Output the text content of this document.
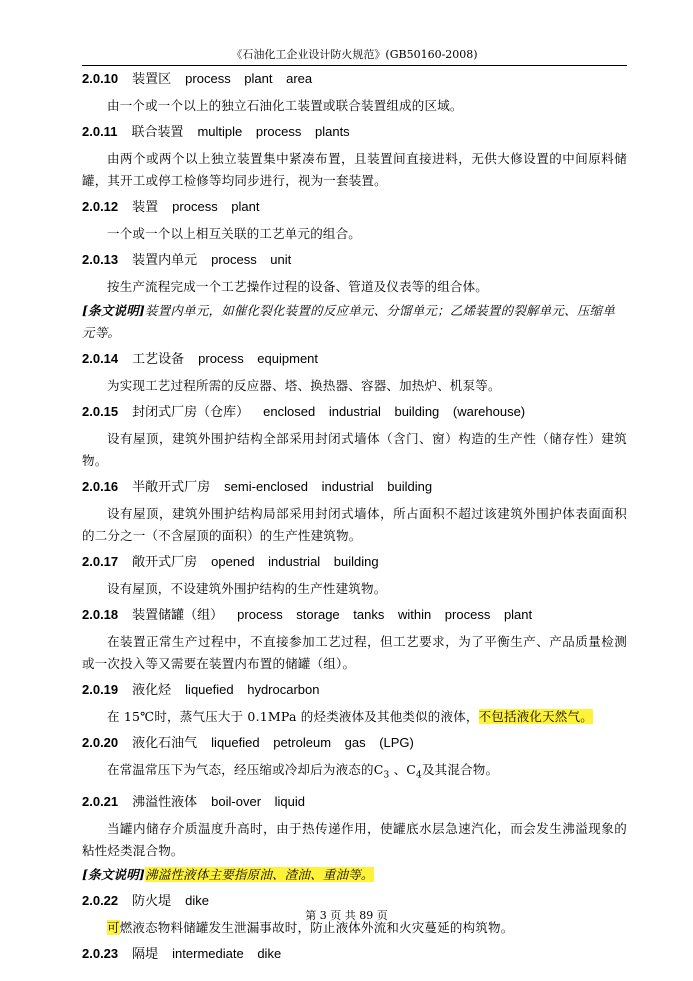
《石油化工企业设计防火规范》(GB50160-2008)
2.0.10 装置区 process plant area

由一个或一个以上的独立石油化工装置或联合装置组成的区域。

2.0.11 联合装置 multiple process plants

由两个或两个以上独立装置集中紧凑布置，且装置间直接进料，无供大修设置的中间原料储罐，其开工或停工检修等均同步进行，视为一套装置。

2.0.12 装置 process plant

一个或一个以上相互关联的工艺单元的组合。

2.0.13 装置内单元 process unit

按生产流程完成一个工艺操作过程的设备、管道及仪表等的组合体。

[条文说明]装置内单元，如催化裂化装置的反应单元、分馏单元；乙烯装置的裂解单元、压缩单元等。

2.0.14 工艺设备 process equipment

为实现工艺过程所需的反应器、塔、换热器、容器、加热炉、机泵等。

2.0.15 封闭式厂房（仓库） enclosed industrial building (warehouse)

设有屋顶，建筑外围护结构全部采用封闭式墙体（含门、窗）构造的生产性（储存性）建筑物。

2.0.16 半敞开式厂房 semi-enclosed industrial building

设有屋顶，建筑外围护结构局部采用封闭式墙体，所占面积不超过该建筑外围护体表面面积的二分之一（不含屋顶的面积）的生产性建筑物。

2.0.17 敞开式厂房 opened industrial building

设有屋顶，不设建筑外围护结构的生产性建筑物。

2.0.18 装置储罐（组） process storage tanks within process plant

在装置正常生产过程中，不直接参加工艺过程，但工艺要求，为了平衡生产、产品质量检测或一次投入等又需要在装置内布置的储罐（组）。

2.0.19 液化烃 liquefied hydrocarbon

在 15℃时，蒸气压大于 0.1MPa 的烃类液体及其他类似的液体，不包括液化天然气。

2.0.20 液化石油气 liquefied petroleum gas (LPG)

在常温常压下为气态，经压缩或冷却后为液态的$C_3$ 、$C_4$及其混合物。

2.0.21 沸溢性液体 boil-over liquid

当罐内储存介质温度升高时，由于热传递作用，使罐底水层急速汽化，而会发生沸溢现象的粘性烃类混合物。

[条文说明]沸溢性液体主要指原油、渣油、重油等。

2.0.22 防火堤 dike

可燃液态物料储罐发生泄漏事故时，防止液体外流和火灾蔓延的构筑物。

2.0.23 隔堤 intermediate dike
第 3 页 共 89 页
